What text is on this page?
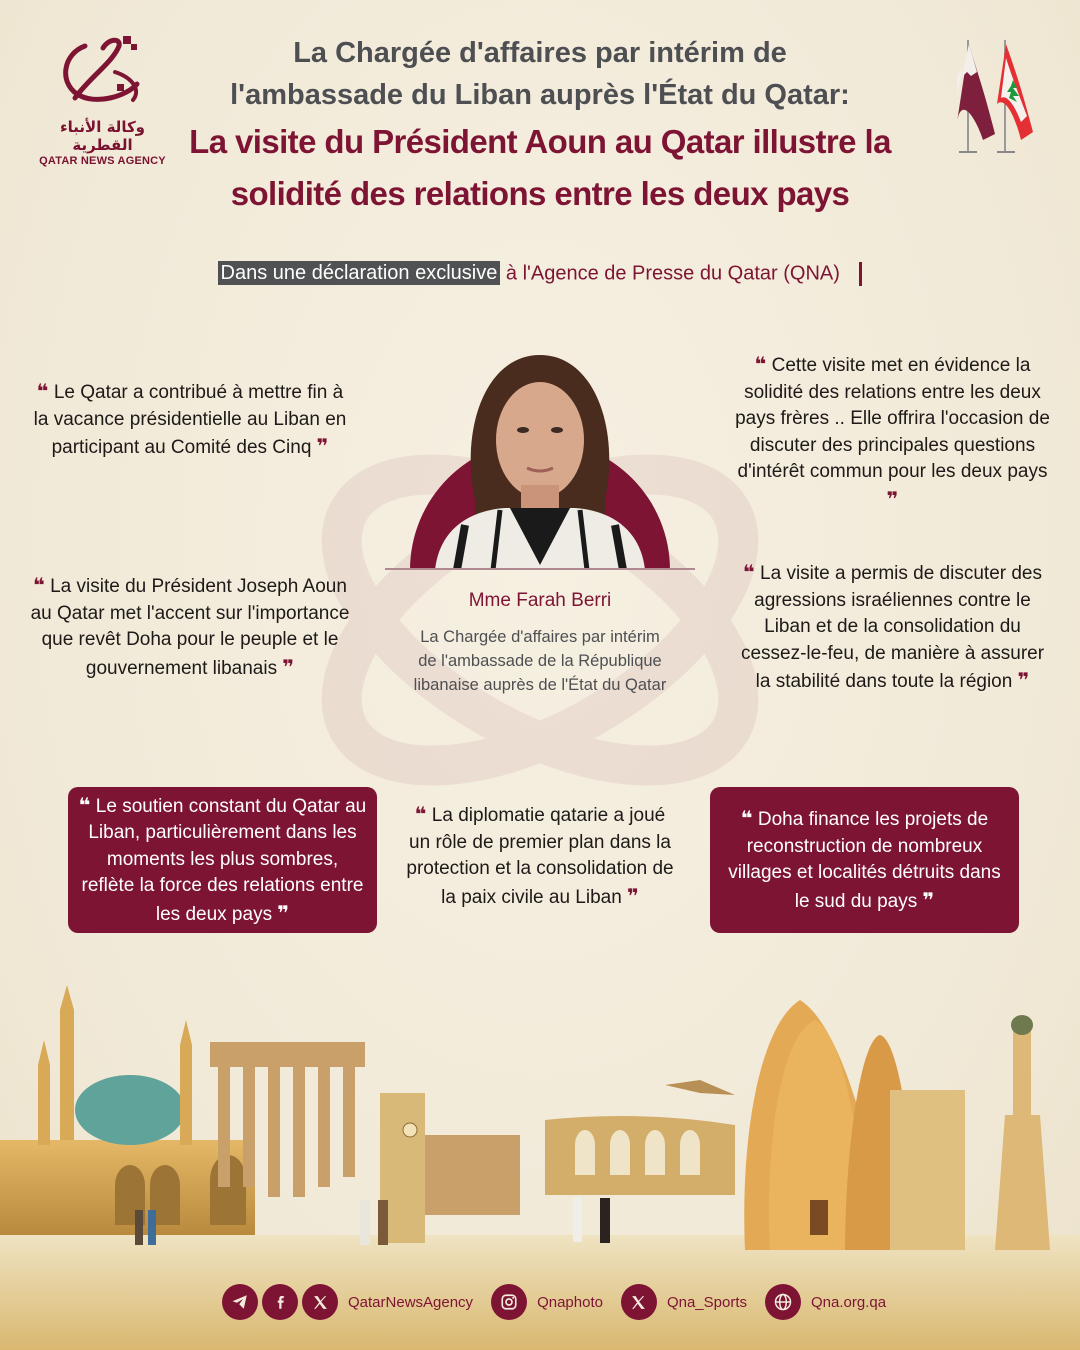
وكالة الأنباء القطرية
QATAR NEWS AGENCY
La Chargée d'affaires par intérim de
l'ambassade du Liban auprès l'État du Qatar:
La visite du Président Aoun au Qatar illustre la
solidité des relations entre les deux pays
Dans une déclaration exclusive à l'Agence de Presse du Qatar (QNA)
❝ Le Qatar a contribué à mettre fin à la vacance présidentielle au Liban en participant au Comité des Cinq ❞
❝ Cette visite met en évidence la solidité des relations entre les deux pays frères .. Elle offrira l'occasion de discuter des principales questions d'intérêt commun pour les deux pays ❞
Mme Farah Berri
La Chargée d'affaires par intérim
de l'ambassade de la République
libanaise auprès de l'État du Qatar
❝ La visite du Président Joseph Aoun au Qatar met l'accent sur l'importance que revêt Doha pour le peuple et le gouvernement libanais ❞
❝ La visite a permis de discuter des agressions israéliennes contre le Liban et de la consolidation du cessez-le-feu, de manière à assurer la stabilité dans toute la région ❞
❝ Le soutien constant du Qatar au Liban, particulièrement dans les moments les plus sombres, reflète la force des relations entre les deux pays ❞
❝ La diplomatie qatarie a joué un rôle de premier plan dans la protection et la consolidation de la paix civile au Liban ❞
❝ Doha finance les projets de reconstruction de nombreux villages et localités détruits dans le sud du pays ❞
QatarNewsAgency	Qnaphoto	Qna_Sports	Qna.org.qa
